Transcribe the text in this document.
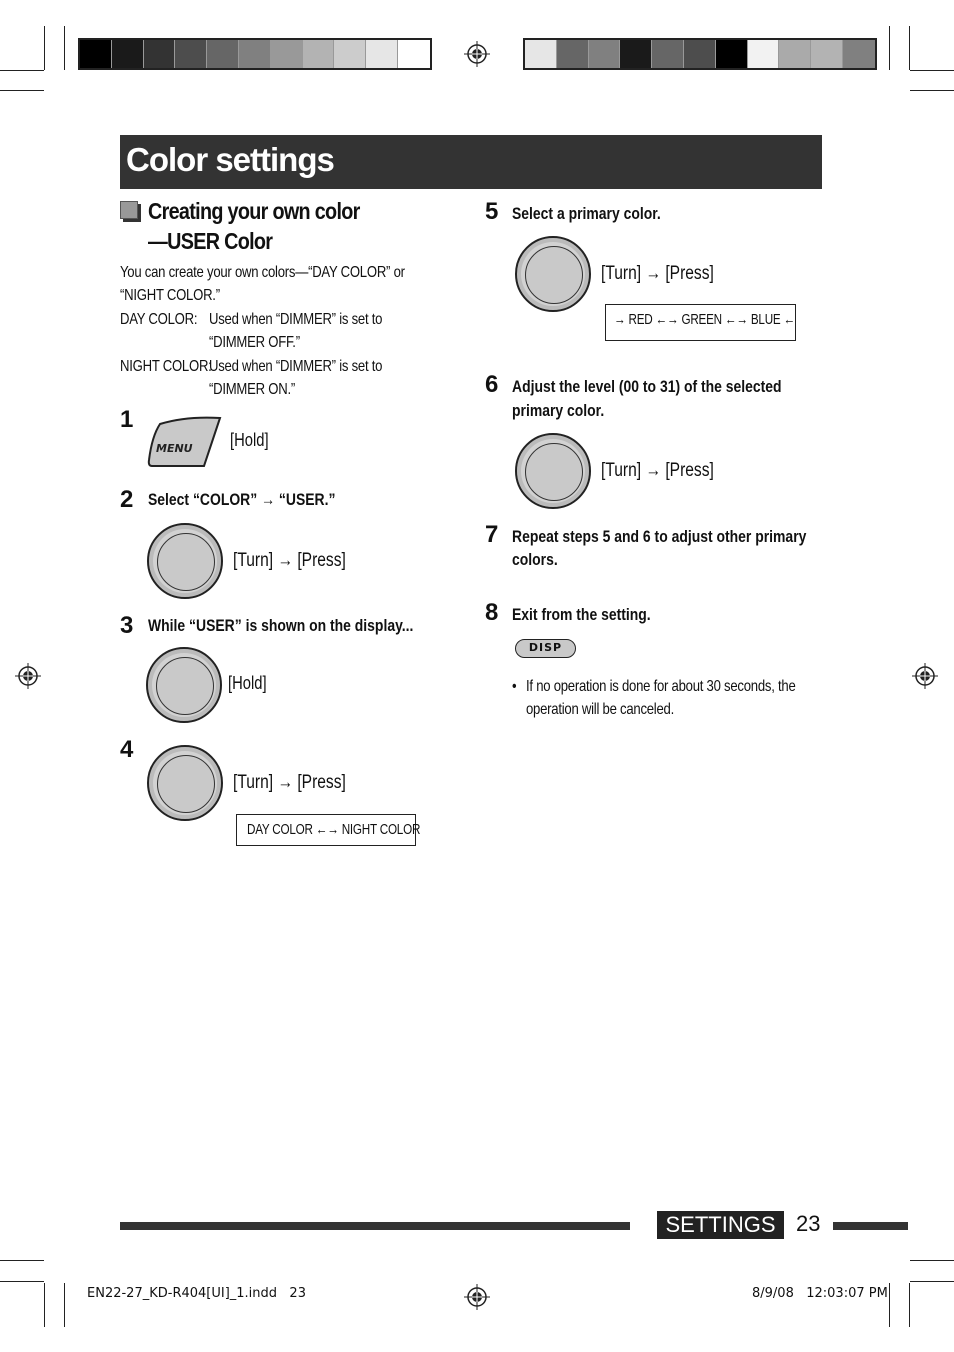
Color settings
Creating your own color
—USER Color
You can create your own colors—“DAY COLOR” or
“NIGHT COLOR.”
DAY COLOR: Used when “DIMMER” is set to
“DIMMER OFF.”
NIGHT COLOR:
Used when “DIMMER” is set to
“DIMMER ON.”
1
MENU [Hold]
2 Select “COLOR” → “USER.”
[Turn] → [Press]
3 While “USER” is shown on the display...
[Hold]
4
[Turn] → [Press]
DAY COLOR ←→ NIGHT COLOR
5 Select a primary color.
[Turn] → [Press]
→ RED ←→ GREEN ←→ BLUE ←
6 Adjust the level (00 to 31) of the selected
primary color.
[Turn] → [Press]
7 Repeat steps 5 and 6 to adjust other primary
colors.
8 Exit from the setting.
DISP
• If no operation is done for about 30 seconds, the
operation will be canceled.
SETTINGS 23
EN22-27_KD-R404[UI]_1.indd   23	8/9/08   12:03:07 PM
